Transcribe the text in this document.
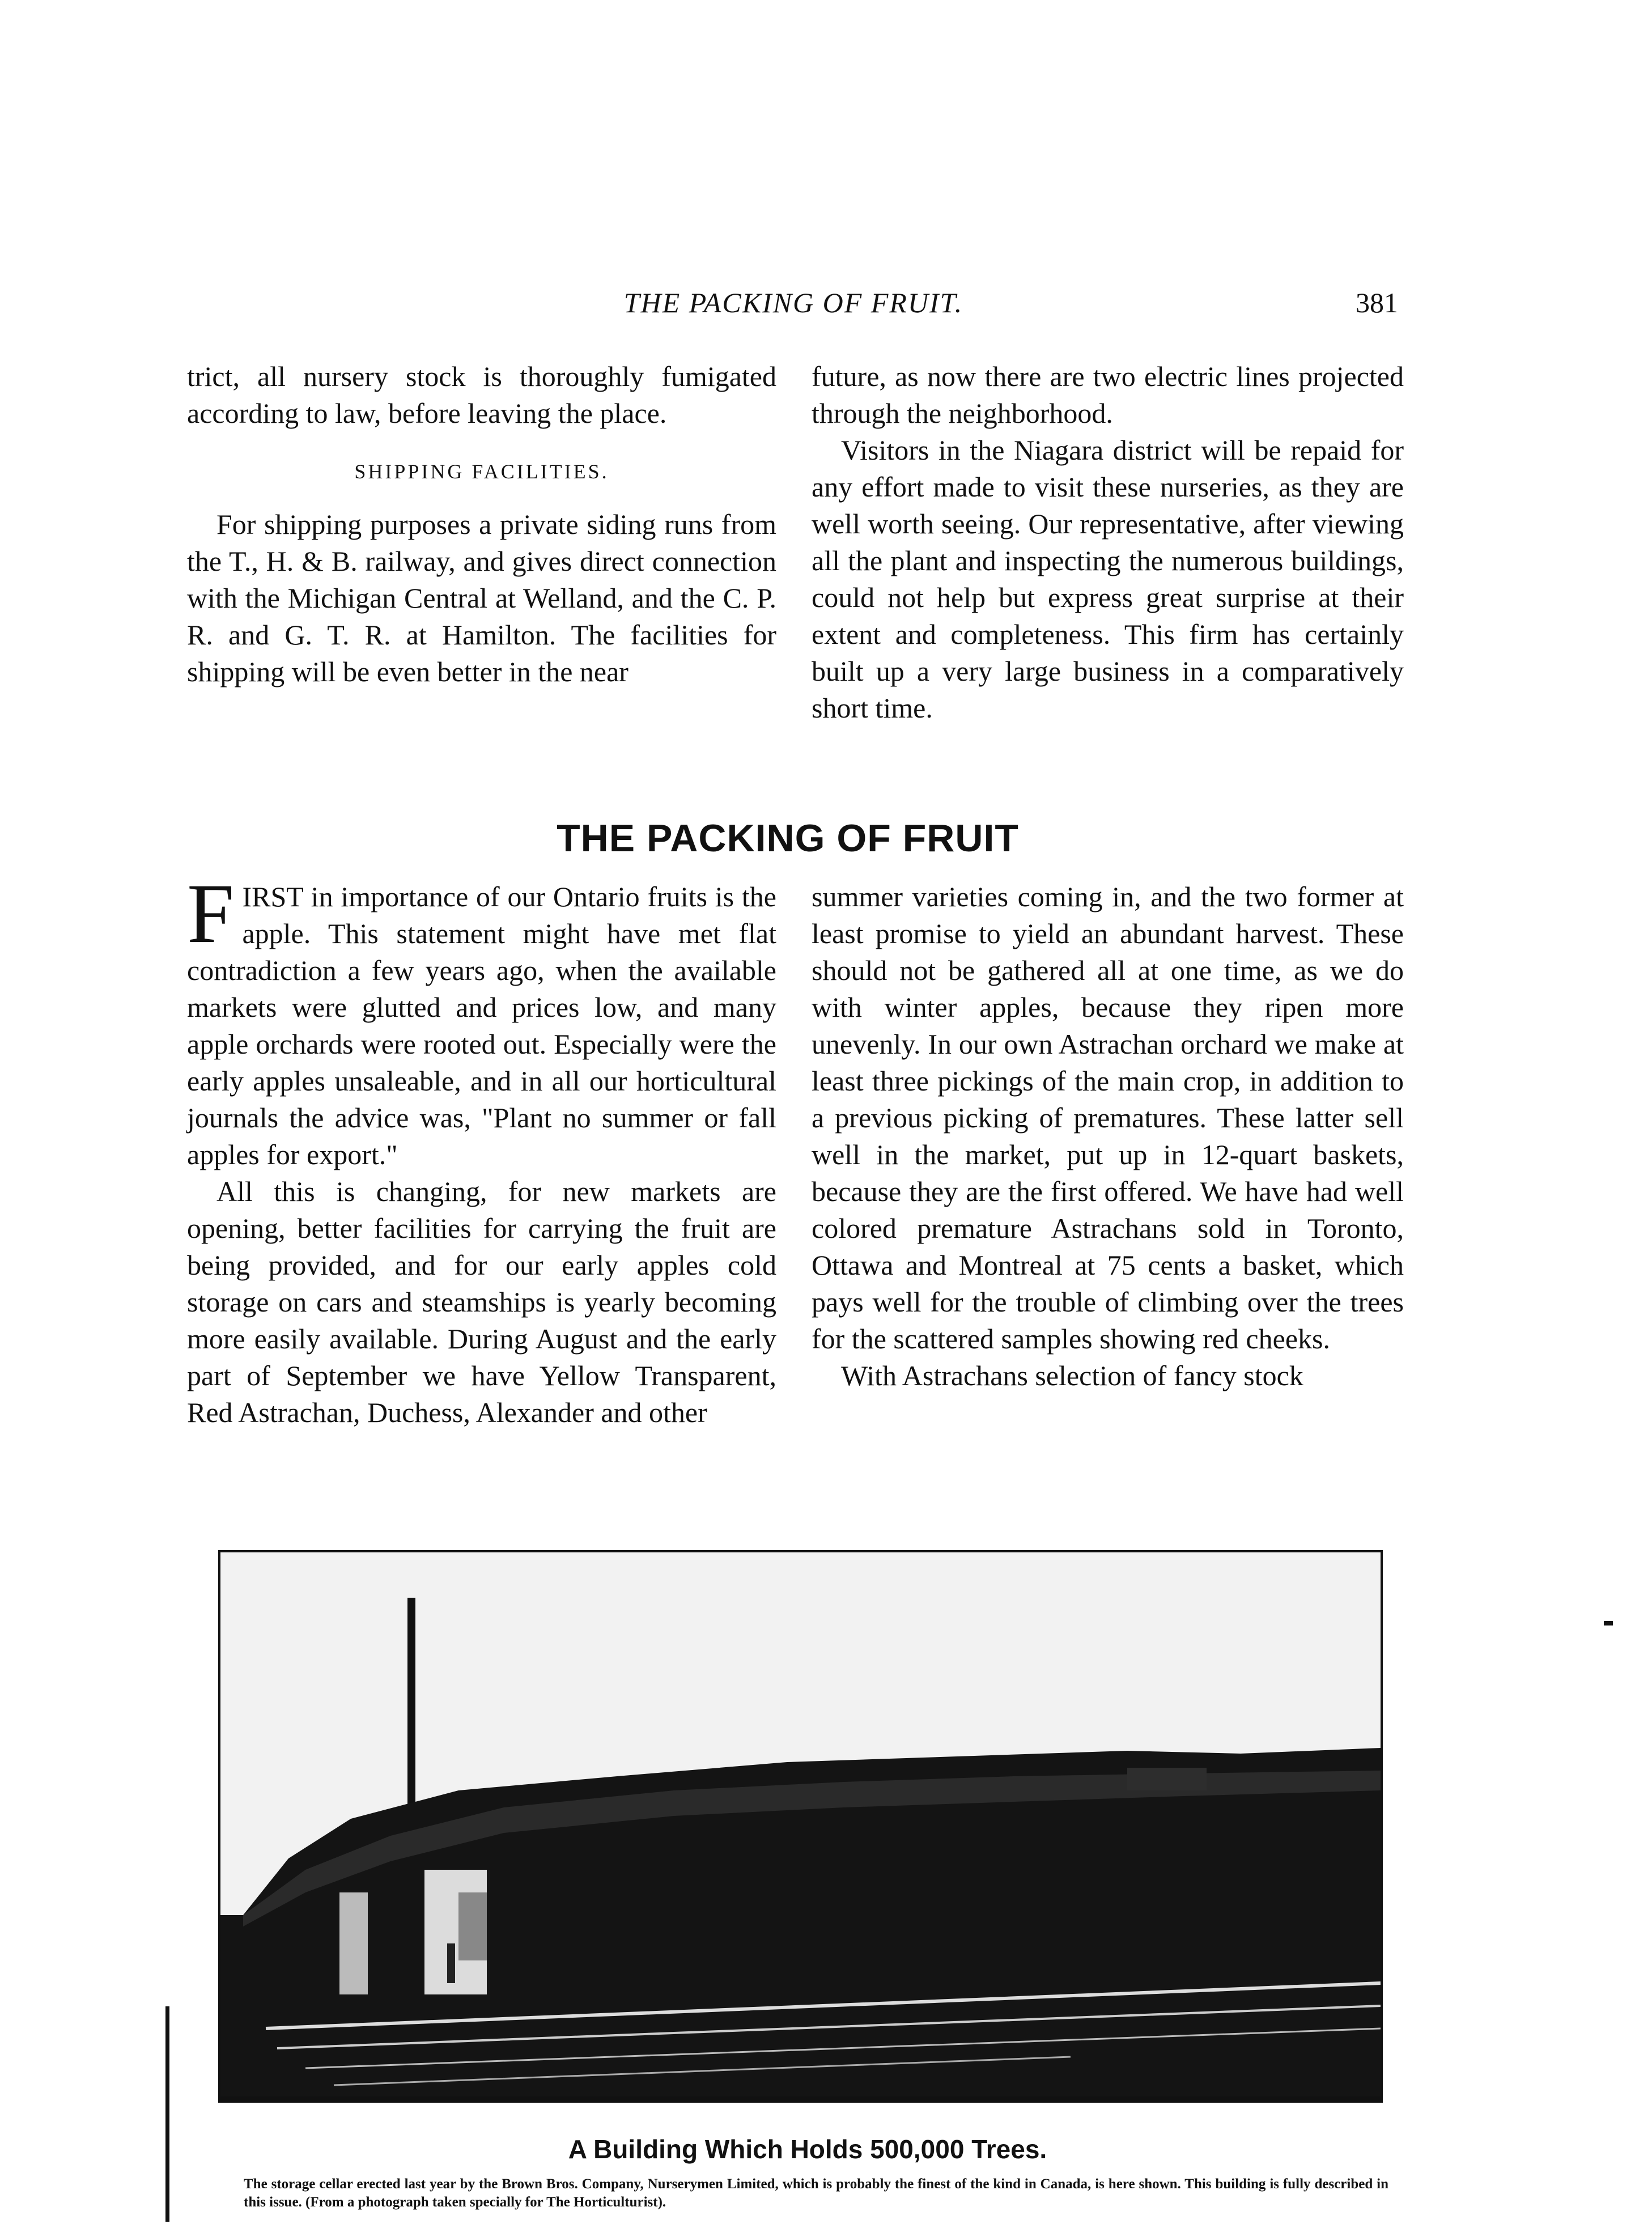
THE PACKING OF FRUIT.	381

trict, all nursery stock is thoroughly fumigated according to law, before leaving the place.

SHIPPING FACILITIES.

For shipping purposes a private siding runs from the T., H. & B. railway, and gives direct connection with the Michigan Central at Welland, and the C. P. R. and G. T. R. at Hamilton. The facilities for shipping will be even better in the near

future, as now there are two electric lines projected through the neighborhood.

Visitors in the Niagara district will be repaid for any effort made to visit these nurseries, as they are well worth seeing. Our representative, after viewing all the plant and inspecting the numerous buildings, could not help but express great surprise at their extent and completeness. This firm has certainly built up a very large business in a comparatively short time.

THE PACKING OF FRUIT

FIRST in importance of our Ontario fruits is the apple. This statement might have met flat contradiction a few years ago, when the available markets were glutted and prices low, and many apple orchards were rooted out. Especially were the early apples unsaleable, and in all our horticultural journals the advice was, "Plant no summer or fall apples for export."

All this is changing, for new markets are opening, better facilities for carrying the fruit are being provided, and for our early apples cold storage on cars and steamships is yearly becoming more easily available. During August and the early part of September we have Yellow Transparent, Red Astrachan, Duchess, Alexander and other

summer varieties coming in, and the two former at least promise to yield an abundant harvest. These should not be gathered all at one time, as we do with winter apples, because they ripen more unevenly. In our own Astrachan orchard we make at least three pickings of the main crop, in addition to a previous picking of prematures. These latter sell well in the market, put up in 12-quart baskets, because they are the first offered. We have had well colored premature Astrachans sold in Toronto, Ottawa and Montreal at 75 cents a basket, which pays well for the trouble of climbing over the trees for the scattered samples showing red cheeks.

With Astrachans selection of fancy stock

A Building Which Holds 500,000 Trees.
The storage cellar erected last year by the Brown Bros. Company, Nurserymen Limited, which is probably the finest of the kind in Canada, is here shown. This building is fully described in this issue. (From a photograph taken specially for The Horticulturist).
